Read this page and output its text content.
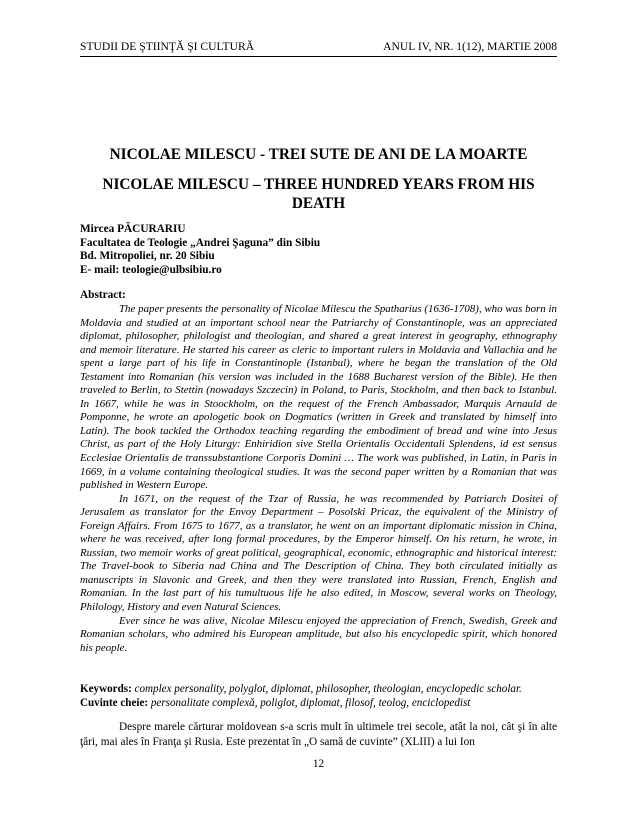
STUDII DE ŞTIINŢĂ ŞI CULTURĂ	ANUL IV, NR. 1(12), MARTIE 2008
NICOLAE MILESCU - TREI SUTE DE ANI DE LA MOARTE
NICOLAE MILESCU – THREE HUNDRED YEARS FROM HIS DEATH
Mircea PĂCURARIU
Facultatea de Teologie „Andrei Şaguna” din Sibiu
Bd. Mitropoliei, nr. 20 Sibiu
E- mail: teologie@ulbsibiu.ro
Abstract:

The paper presents the personality of Nicolae Milescu the Spatharius (1636-1708), who was born in Moldavia and studied at an important school near the Patriarchy of Constantinople, was an appreciated diplomat, philosopher, philologist and theologian, and shared a great interest in geography, ethnography and memoir literature. He started his career as cleric to important rulers in Moldavia and Vallachia and he spent a large part of his life in Constantinople (Istanbul), where he began the translation of the Old Testament into Romanian (his version was included in the 1688 Bucharest version of the Bible). He then traveled to Berlin, to Stettin (nowadays Szczecin) in Poland, to Paris, Stockholm, and then back to Istanbul. In 1667, while he was in Stoockholm, on the request of the French Ambassador, Marquis Arnauld de Pomponne, he wrote an apologetic book on Dogmatics (written in Greek and translated by himself into Latin). The book tackled the Orthodox teaching regarding the embodiment of bread and wine into Jesus Christ, as part of the Holy Liturgy: Enhiridion sive Stella Orientalis Occidentali Splendens, id est sensus Ecclesiae Orientalis de transsubstantione Corporis Domini … The work was published, in Latin, in Paris in 1669, in a volume containing theological studies. It was the second paper written by a Romanian that was published in Western Europe.

In 1671, on the request of the Tzar of Russia, he was recommended by Patriarch Dositei of Jerusalem as translator for the Envoy Department – Posolski Pricaz, the equivalent of the Ministry of Foreign Affairs. From 1675 to 1677, as a translator, he went on an important diplomatic mission in China, where he was received, after long formal procedures, by the Emperor himself. On his return, he wrote, in Russian, two memoir works of great political, geographical, economic, ethnographic and historical interest: The Travel-book to Siberia nad China and The Description of China. They both circulated initially as manuscripts in Slavonic and Greek, and then they were translated into Russian, French, English and Romanian. In the last part of his tumultuous life he also edited, in Moscow, several works on Theology, Philology, History and even Natural Sciences.

Ever since he was alive, Nicolae Milescu enjoyed the appreciation of French, Swedish, Greek and Romanian scholars, who admired his European amplitude, but also his encyclopedic spirit, which honored his people.

Keywords: complex personality, polyglot, diplomat, philosopher, theologian, encyclopedic scholar.
Cuvinte cheie: personalitate complexă, poliglot, diplomat, filosof, teolog, enciclopedist

Despre marele cărturar moldovean s-a scris mult în ultimele trei secole, atât la noi, cât şi în alte ţări, mai ales în Franţa şi Rusia. Este prezentat în „O samă de cuvinte” (XLIII) a lui Ion

12
